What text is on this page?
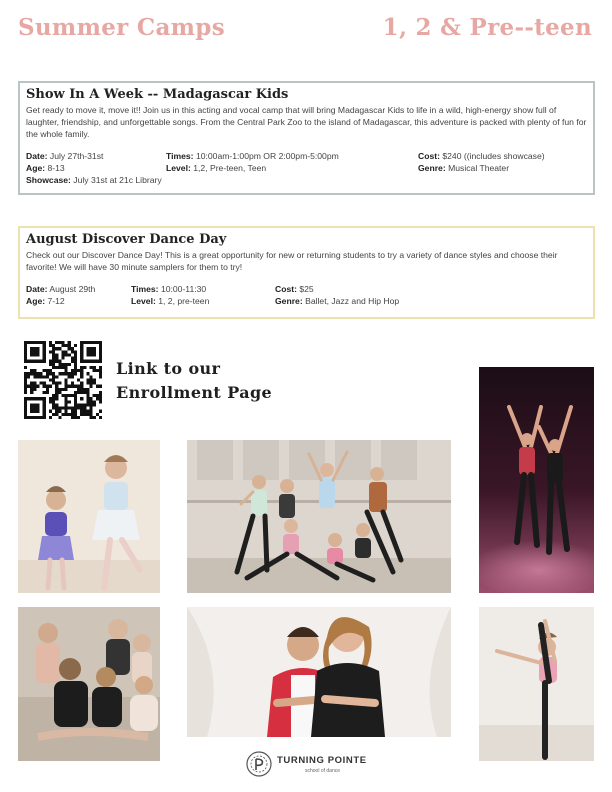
Summer Camps	1, 2 & Pre--teen
Show In A Week -- Madagascar Kids
Get ready to move it, move it!! Join us in this acting and vocal camp that will bring Madagascar Kids to life in a wild, high-energy show full of laughter, friendship, and unforgettable songs. From the Central Park Zoo to the island of Madagascar, this adventure is packed with plenty of fun for the whole family.
Date: July 27th-31st
Age: 8-13
Showcase: July 31st at 21c Library
Times: 10:00am-1:00pm OR 2:00pm-5:00pm
Level: 1,2, Pre-teen, Teen
Cost: $240 ((includes showcase)
Genre: Musical Theater
August Discover Dance Day
Check out our Discover Dance Day! This is a great opportunity for new or returning students to try a variety of dance styles and choose their favorite! We will have 30 minute samplers for them to try!
Date: August 29th
Age: 7-12
Times: 10:00-11:30
Level: 1, 2, pre-teen
Cost: $25
Genre: Ballet, Jazz and Hip Hop
Link to our
Enrollment Page
TURNING POINTE
school of dance
